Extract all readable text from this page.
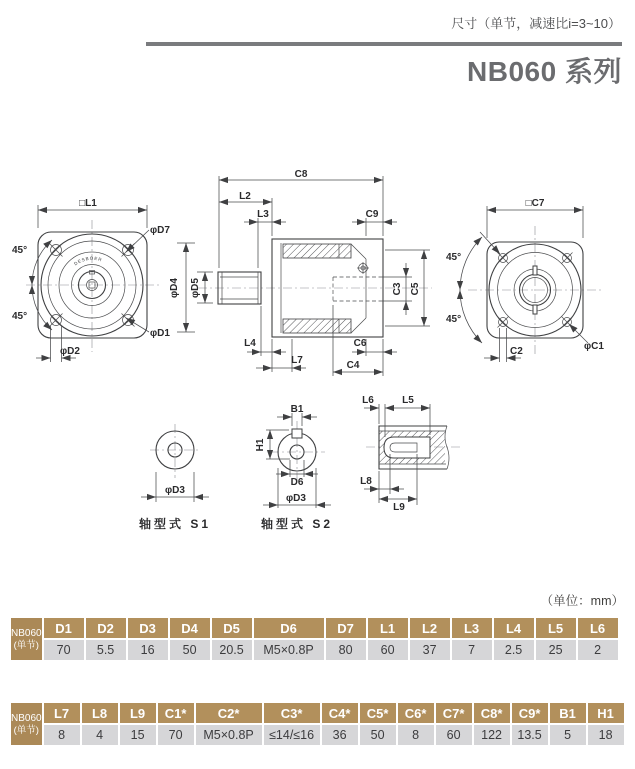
尺寸（单节，减速比i=3~10）
NB060 系列
DESBOER
□L1
φD7
φD1
φD2
45°
45°
C8
L2
L3	C9
φD4 φD5	C3 C5
L4
L7
C6
C4
□C7
45°
45°
C2	φC1
φD3
轴型式 S1
B1
H1
D6
φD3
轴型式 S2
L6	L5
L8
L9
（单位：mm）
NB060
(单节)	D1	D2	D3	D4	D5	D6	D7	L1	L2	L3	L4	L5	L6
	70	5.5	16	50	20.5	M5×0.8P	80	60	37	7	2.5	25	2
NB060
(单节)	L7	L8	L9	C1*	C2*	C3*	C4*	C5*	C6*	C7*	C8*	C9*	B1	H1
	8	4	15	70	M5×0.8P	≤14/≤16	36	50	8	60	122	13.5	5	18
